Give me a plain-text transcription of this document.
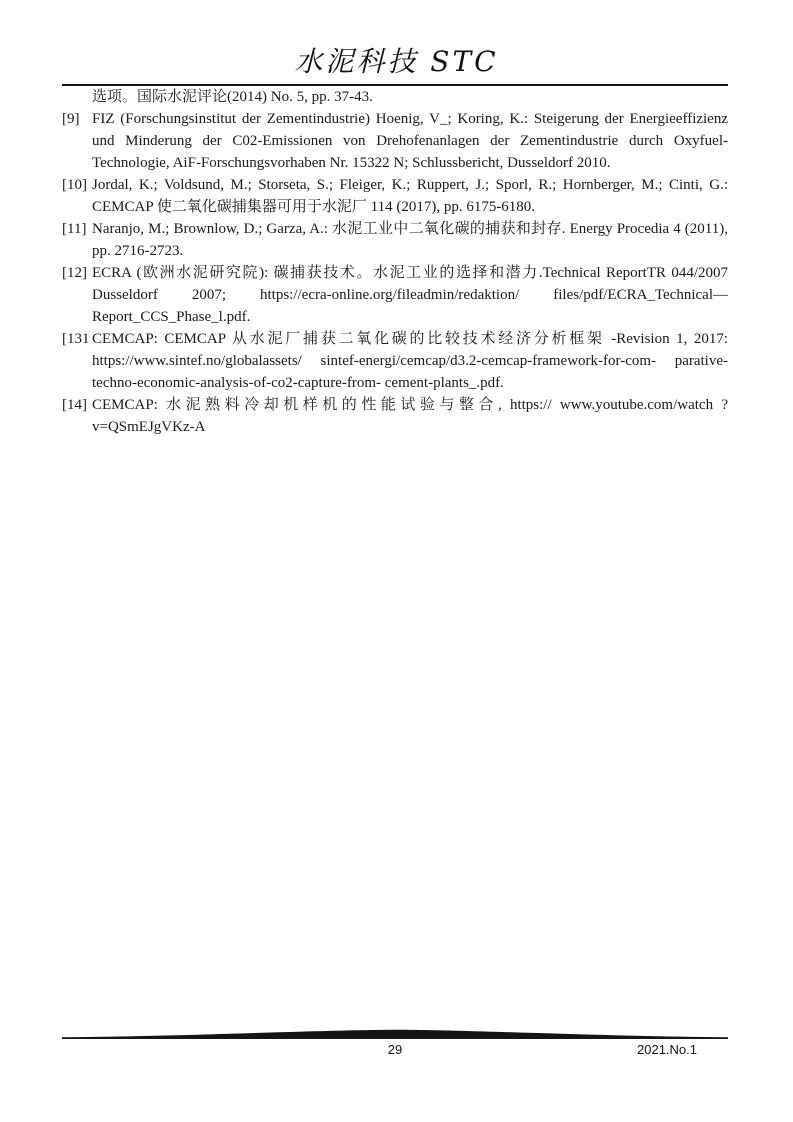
水泥科技 STC

选项。国际水泥评论(2014) No. 5, pp. 37-43.

[9] FIZ (Forschungsinstitut der Zementindustrie) Hoenig, V_; Koring, K.: Steigerung der Energieeffizienz und Minderung der C02-Emissionen von Drehofenanlagen der Zementindustrie durch Oxyfuel-Technologie, AiF-Forschungsvorhaben Nr. 15322 N; Schlussbericht, Dusseldorf 2010.

[10] Jordal, K.; Voldsund, M.; Storseta, S.; Fleiger, K.; Ruppert, J.; Sporl, R.; Hornberger, M.; Cinti, G.: CEMCAP 使二氧化碳捕集器可用于水泥厂 114 (2017), pp. 6175-6180.

[11] Naranjo, M.; Brownlow, D.; Garza, A.: 水泥工业中二氧化碳的捕获和封存. Energy Procedia 4 (2011), pp. 2716-2723.

[12] ECRA (欧洲水泥研究院): 碳捕获技术。水泥工业的选择和潜力.Technical ReportTR 044/2007 Dusseldorf 2007; https://ecra-online.org/fileadmin/redaktion/ files/pdf/ECRA_Technical—Report_CCS_Phase_l.pdf.

[131 CEMCAP: CEMCAP 从水泥厂捕获二氧化碳的比较技术经济分析框架 -Revision 1, 2017: https://www.sintef.no/globalassets/ sintef-energi/cemcap/d3.2-cemcap-framework-for-com- parative-techno-economic-analysis-of-co2-capture-from- cement-plants_.pdf.

[14] CEMCAP: 水泥熟料冷却机样机的性能试验与整合, https:// www.youtube.com/watch ?v=QSmEJgVKz-A

29	2021.No.1
